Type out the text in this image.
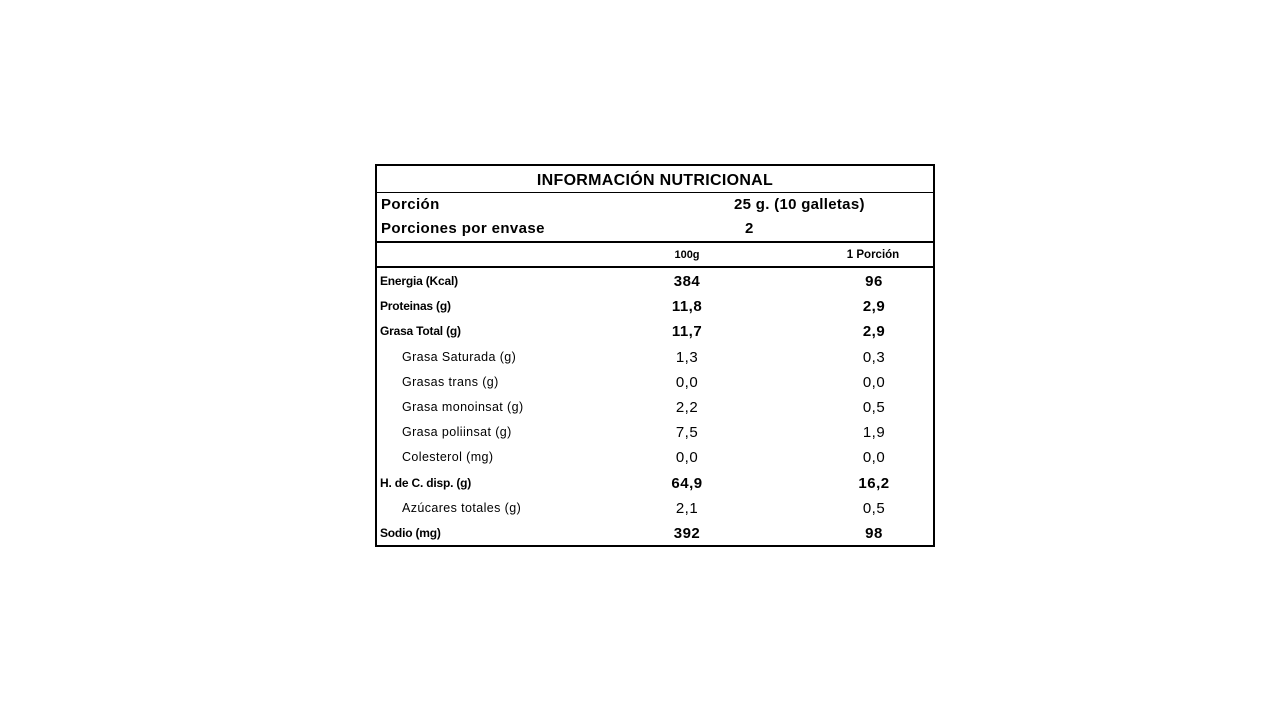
INFORMACIÓN NUTRICIONAL
Porción	25 g. (10 galletas)
Porciones por envase	2
100g	1 Porción
Energia (Kcal)	384	96
Proteinas (g)	11,8	2,9
Grasa Total (g)	11,7	2,9
Grasa Saturada (g)	1,3	0,3
Grasas trans (g)	0,0	0,0
Grasa monoinsat (g)	2,2	0,5
Grasa poliinsat (g)	7,5	1,9
Colesterol (mg)	0,0	0,0
H. de C. disp. (g)	64,9	16,2
Azúcares totales (g)	2,1	0,5
Sodio (mg)	392	98
